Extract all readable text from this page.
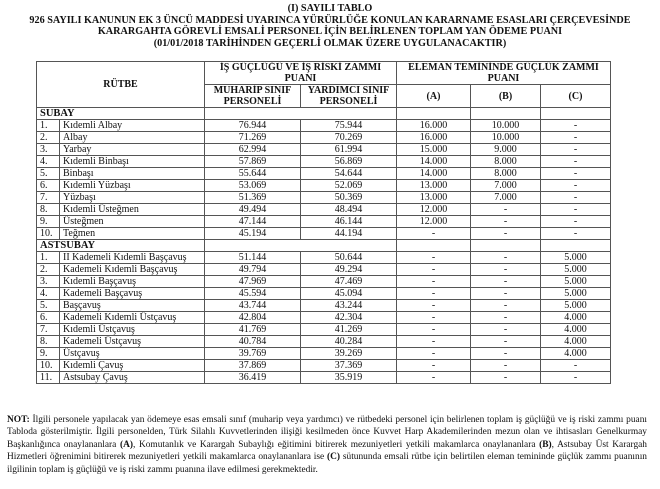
(I) SAYILI TABLO
926 SAYILI KANUNUN EK 3 ÜNCÜ MADDESİ UYARINCA YÜRÜRLÜĞE KONULAN KARARNAME ESASLARI ÇERÇEVESİNDE
KARARGAHTA GÖREVLİ EMSALİ PERSONEL İÇİN BELİRLENEN TOPLAM YAN ÖDEME PUANI
(01/01/2018 TARİHİNDEN GEÇERLİ OLMAK ÜZERE UYGULANACAKTIR)
RÜTBE		İŞ GÜÇLÜĞÜ VE İŞ RİSKİ ZAMMI PUANI		ELEMAN TEMİNİNDE GÜÇLÜK ZAMMI PUANI		
		MUHARİP SINIF PERSONELİ	YARDIMCI SINIF PERSONELİ	(A)	(B)	(C)
SUBAY						
1.	Kıdemli Albay	76.944	75.944	16.000	10.000	-
2.	Albay	71.269	70.269	16.000	10.000	-
3.	Yarbay	62.994	61.994	15.000	9.000	-
4.	Kıdemli Binbaşı	57.869	56.869	14.000	8.000	-
5.	Binbaşı	55.644	54.644	14.000	8.000	-
6.	Kıdemli Yüzbaşı	53.069	52.069	13.000	7.000	-
7.	Yüzbaşı	51.369	50.369	13.000	7.000	-
8.	Kıdemli Üsteğmen	49.494	48.494	12.000	-	-
9.	Üsteğmen	47.144	46.144	12.000	-	-
10.	Teğmen	45.194	44.194	-	-	-
ASTSUBAY						
1.	II Kademeli Kıdemli Başçavuş	51.144	50.644	-	-	5.000
2.	Kademeli Kıdemli Başçavuş	49.794	49.294	-	-	5.000
3.	Kıdemli Başçavuş	47.969	47.469	-	-	5.000
4.	Kademeli Başçavuş	45.594	45.094	-	-	5.000
5.	Başçavuş	43.744	43.244	-	-	5.000
6.	Kademeli Kıdemli Üstçavuş	42.804	42.304	-	-	4.000
7.	Kıdemli Üstçavuş	41.769	41.269	-	-	4.000
8.	Kademeli Üstçavuş	40.784	40.284	-	-	4.000
9.	Üstçavuş	39.769	39.269	-	-	4.000
10.	Kıdemli Çavuş	37.869	37.369	-	-	-
11.	Astsubay Çavuş	36.419	35.919	-	-	-
NOT: İlgili personele yapılacak yan ödemeye esas emsali sınıf (muharip veya yardımcı) ve rütbedeki personel için belirlenen toplam iş güçlüğü ve iş riski zammı puanı Tabloda gösterilmiştir. İlgili personelden, Türk Silahlı Kuvvetlerinden ilişiği kesilmeden önce Kuvvet Harp Akademilerinden mezun olan ve ihtisasları Genelkurmay Başkanlığınca onaylananlara (A), Komutanlık ve Karargah Subaylığı eğitimini bitirerek mezuniyetleri yetkili makamlarca onaylananlara (B), Astsubay Üst Karargah Hizmetleri öğrenimini bitirerek mezuniyetleri yetkili makamlarca onaylananlara ise (C) sütununda emsali rütbe için belirtilen eleman temininde güçlük zammı puanının ilgilinin toplam iş güçlüğü ve iş riski zammı puanına ilave edilmesi gerekmektedir.
